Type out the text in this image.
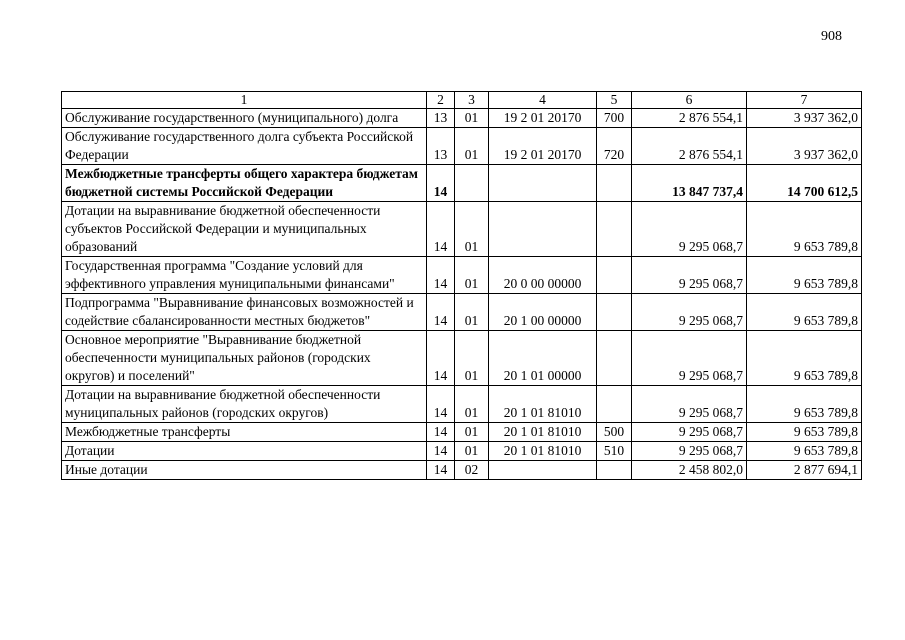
908
1	2	3	4	5	6	7
Обслуживание государственного (муниципального) долга	13	01	19 2 01 20170	700	2 876 554,1	3 937 362,0
Обслуживание государственного долга субъекта Российской Федерации	13	01	19 2 01 20170	720	2 876 554,1	3 937 362,0
Межбюджетные трансферты общего характера бюджетам бюджетной системы Российской Федерации	14				13 847 737,4	14 700 612,5
Дотации на выравнивание бюджетной обеспеченности субъектов Российской Федерации и муниципальных образований	14	01			9 295 068,7	9 653 789,8
Государственная программа "Создание условий для эффективного управления муниципальными финансами"	14	01	20 0 00 00000		9 295 068,7	9 653 789,8
Подпрограмма "Выравнивание финансовых возможностей и содействие сбалансированности местных бюджетов"	14	01	20 1 00 00000		9 295 068,7	9 653 789,8
Основное мероприятие "Выравнивание бюджетной обеспеченности муниципальных районов (городских округов) и поселений"	14	01	20 1 01 00000		9 295 068,7	9 653 789,8
Дотации на выравнивание бюджетной обеспеченности муниципальных районов (городских округов)	14	01	20 1 01 81010		9 295 068,7	9 653 789,8
Межбюджетные трансферты	14	01	20 1 01 81010	500	9 295 068,7	9 653 789,8
Дотации	14	01	20 1 01 81010	510	9 295 068,7	9 653 789,8
Иные дотации	14	02			2 458 802,0	2 877 694,1
